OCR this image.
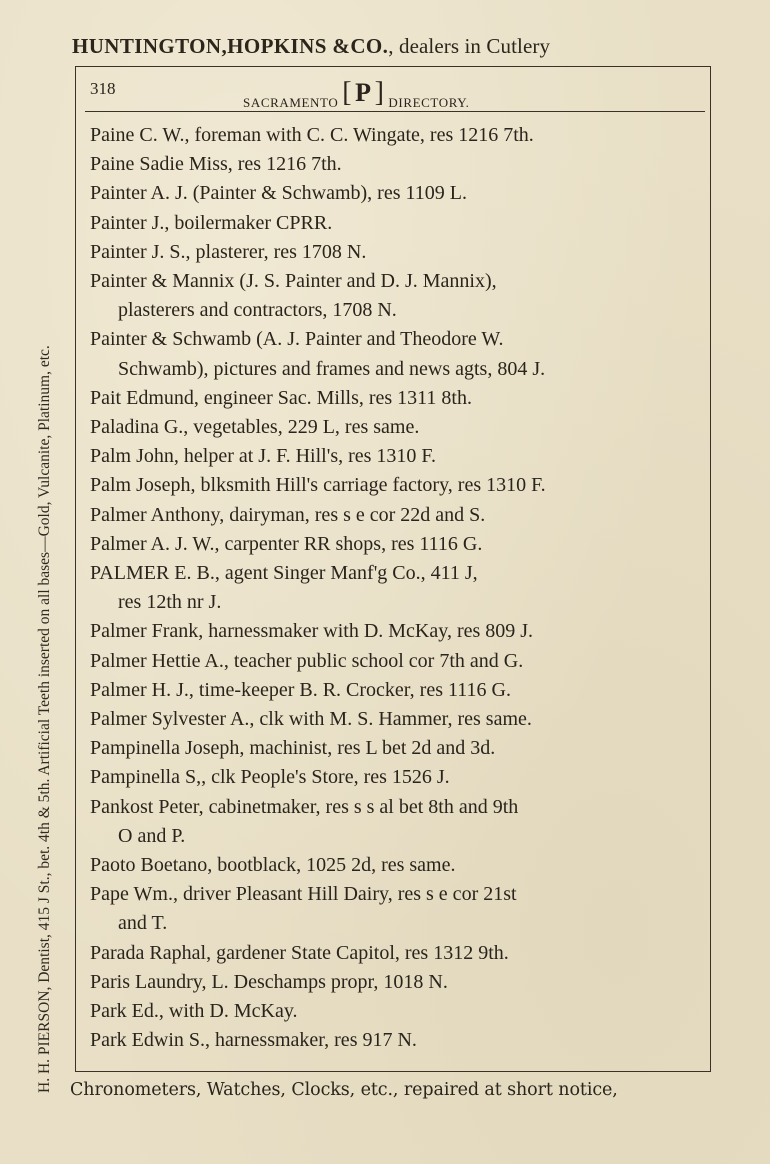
HUNTINGTON,HOPKINS &CO., dealers in Cutlery
H. H. PIERSON, Dentist, 415 J St., bet. 4th & 5th. Artificial Teeth inserted on all bases—Gold, Vulcanite, Platinum, etc.
318
SACRAMENTO [ P ] DIRECTORY.
Paine C. W., foreman with C. C. Wingate, res 1216 7th.
Paine Sadie Miss, res 1216 7th.
Painter A. J. (Painter & Schwamb), res 1109 L.
Painter J., boilermaker CPRR.
Painter J. S., plasterer, res 1708 N.
Painter & Mannix (J. S. Painter and D. J. Mannix),
plasterers and contractors, 1708 N.
Painter & Schwamb (A. J. Painter and Theodore W.
Schwamb), pictures and frames and news agts, 804 J.
Pait Edmund, engineer Sac. Mills, res 1311 8th.
Paladina G., vegetables, 229 L, res same.
Palm John, helper at J. F. Hill's, res 1310 F.
Palm Joseph, blksmith Hill's carriage factory, res 1310 F.
Palmer Anthony, dairyman, res s e cor 22d and S.
Palmer A. J. W., carpenter RR shops, res 1116 G.
PALMER E. B., agent Singer Manf'g Co., 411 J,
res 12th nr J.
Palmer Frank, harnessmaker with D. McKay, res 809 J.
Palmer Hettie A., teacher public school cor 7th and G.
Palmer H. J., time-keeper B. R. Crocker, res 1116 G.
Palmer Sylvester A., clk with M. S. Hammer, res same.
Pampinella Joseph, machinist, res L bet 2d and 3d.
Pampinella S,, clk People's Store, res 1526 J.
Pankost Peter, cabinetmaker, res s s al bet 8th and 9th
O and P.
Paoto Boetano, bootblack, 1025 2d, res same.
Pape Wm., driver Pleasant Hill Dairy, res s e cor 21st
and T.
Parada Raphal, gardener State Capitol, res 1312 9th.
Paris Laundry, L. Deschamps propr, 1018 N.
Park Ed., with D. McKay.
Park Edwin S., harnessmaker, res 917 N.
Chronometers, Watches, Clocks, etc., repaired at short notice,
